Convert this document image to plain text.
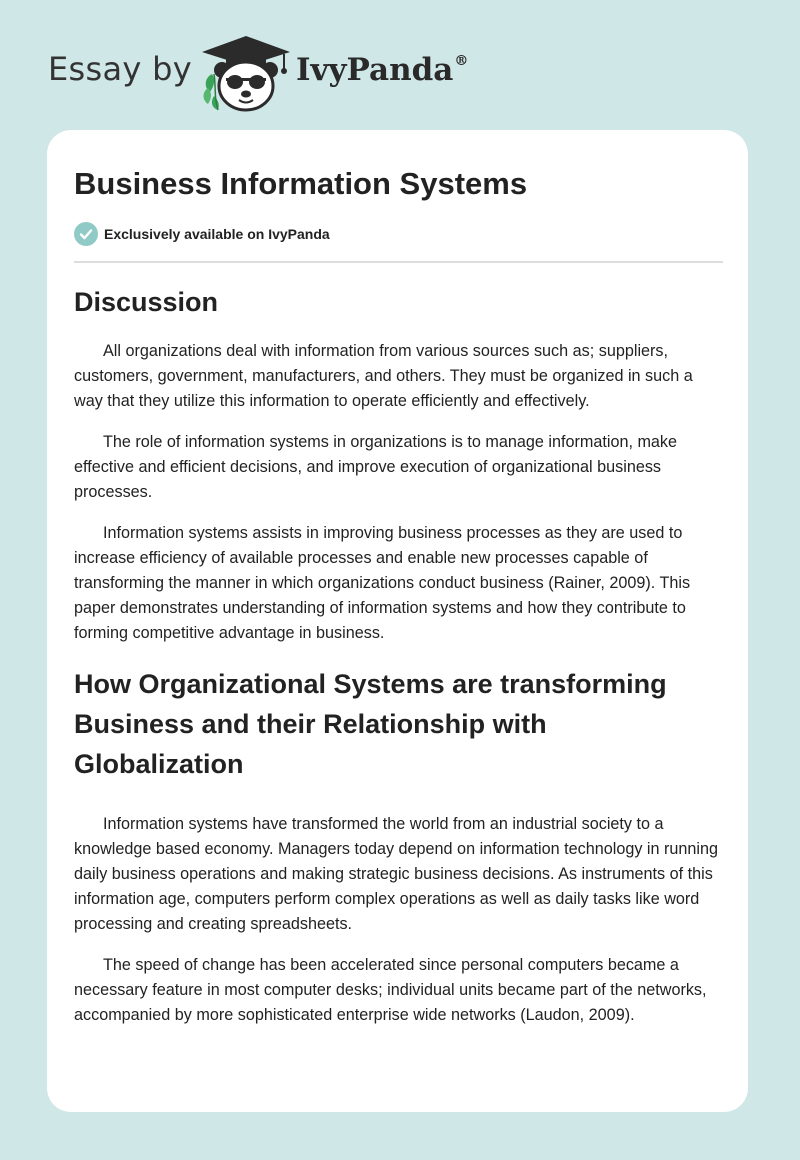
Essay by	IvyPanda®
Business Information Systems
Exclusively available on IvyPanda
Discussion

All organizations deal with information from various sources such as; suppliers, customers, government, manufacturers, and others. They must be organized in such a way that they utilize this information to operate efficiently and effectively.

The role of information systems in organizations is to manage information, make effective and efficient decisions, and improve execution of organizational business processes.

Information systems assists in improving business processes as they are used to increase efficiency of available processes and enable new processes capable of transforming the manner in which organizations conduct business (Rainer, 2009). This paper demonstrates understanding of information systems and how they contribute to forming competitive advantage in business.

How Organizational Systems are transforming Business and their Relationship with Globalization

Information systems have transformed the world from an industrial society to a knowledge based economy. Managers today depend on information technology in running daily business operations and making strategic business decisions. As instruments of this information age, computers perform complex operations as well as daily tasks like word processing and creating spreadsheets.

The speed of change has been accelerated since personal computers became a necessary feature in most computer desks; individual units became part of the networks, accompanied by more sophisticated enterprise wide networks (Laudon, 2009).
